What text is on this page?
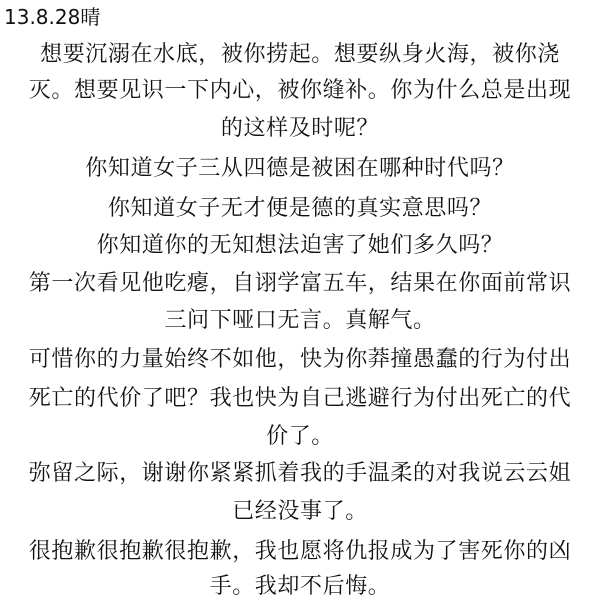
13.8.28晴
想要沉溺在水底，被你捞起。想要纵身火海，被你浇
灭。想要见识一下内心，被你缝补。你为什么总是出现
的这样及时呢？
你知道女子三从四德是被困在哪种时代吗？
你知道女子无才便是德的真实意思吗？
你知道你的无知想法迫害了她们多久吗？
第一次看见他吃瘪，自诩学富五车，结果在你面前常识
三问下哑口无言。真解气。
可惜你的力量始终不如他，快为你莽撞愚蠢的行为付出
死亡的代价了吧？我也快为自己逃避行为付出死亡的代
价了。
弥留之际，谢谢你紧紧抓着我的手温柔的对我说云云姐
已经没事了。
很抱歉很抱歉很抱歉，我也愿将仇报成为了害死你的凶
手。我却不后悔。
